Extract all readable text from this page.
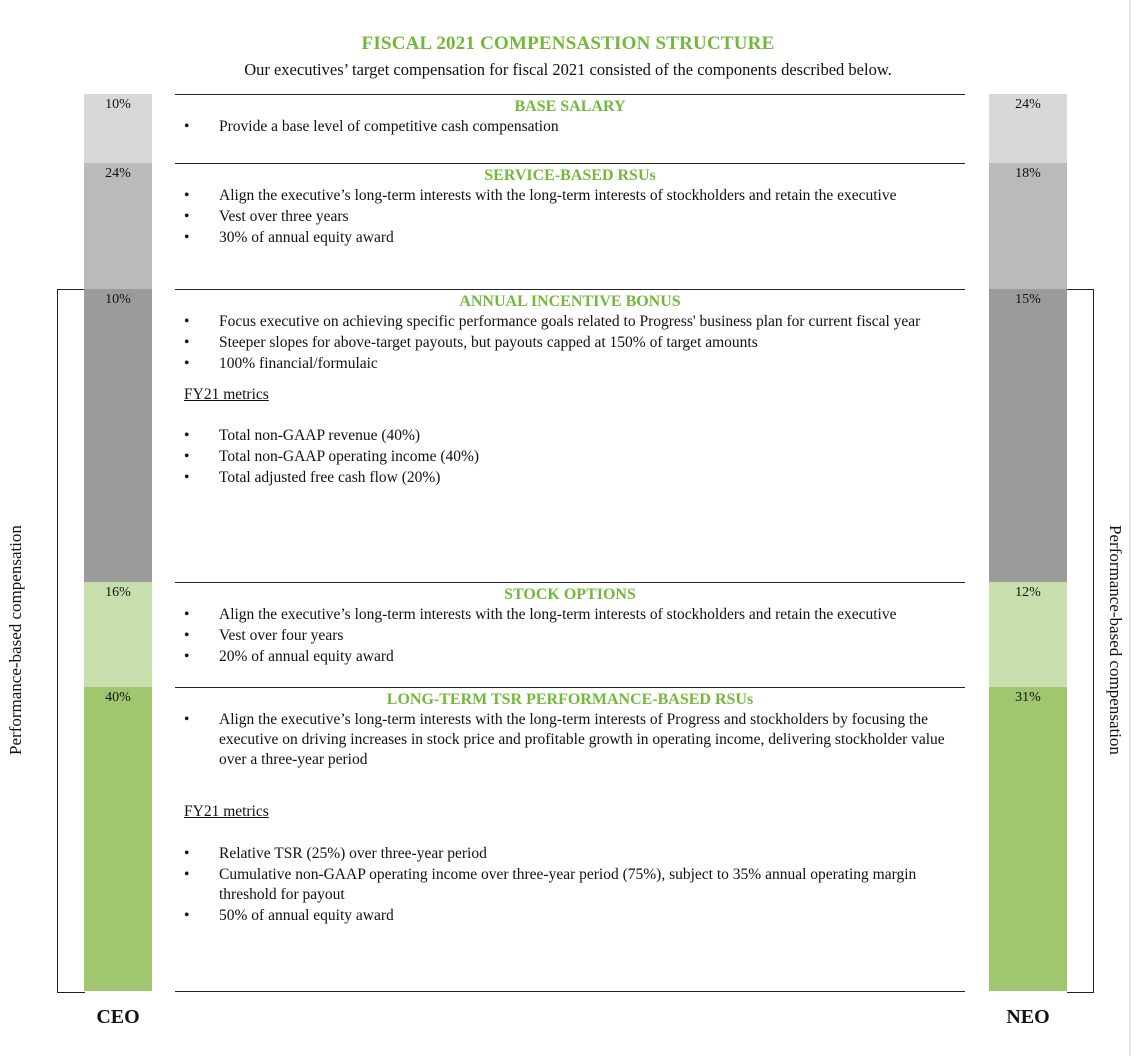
FISCAL 2021 COMPENSASTION STRUCTURE
Our executives’ target compensation for fiscal 2021 consisted of the components described below.
Performance-based compensation	Performance-based compensation
10%
24%
10%
16%
40%
24%
18%
15%
12%
31%
CEO	NEO
BASE SALARY
• Provide a base level of competitive cash compensation
SERVICE-BASED RSUs
• Align the executive’s long-term interests with the long-term interests of stockholders and retain the executive
• Vest over three years
• 30% of annual equity award
ANNUAL INCENTIVE BONUS
• Focus executive on achieving specific performance goals related to Progress' business plan for current fiscal year
• Steeper slopes for above-target payouts, but payouts capped at 150% of target amounts
• 100% financial/formulaic
FY21 metrics
• Total non-GAAP revenue (40%)
• Total non-GAAP operating income (40%)
• Total adjusted free cash flow (20%)
STOCK OPTIONS
• Align the executive’s long-term interests with the long-term interests of stockholders and retain the executive
• Vest over four years
• 20% of annual equity award
LONG-TERM TSR PERFORMANCE-BASED RSUs
• Align the executive’s long-term interests with the long-term interests of Progress and stockholders by focusing the executive on driving increases in stock price and profitable growth in operating income, delivering stockholder value over a three-year period
FY21 metrics
• Relative TSR (25%) over three-year period
• Cumulative non-GAAP operating income over three-year period (75%), subject to 35% annual operating margin threshold for payout
• 50% of annual equity award
